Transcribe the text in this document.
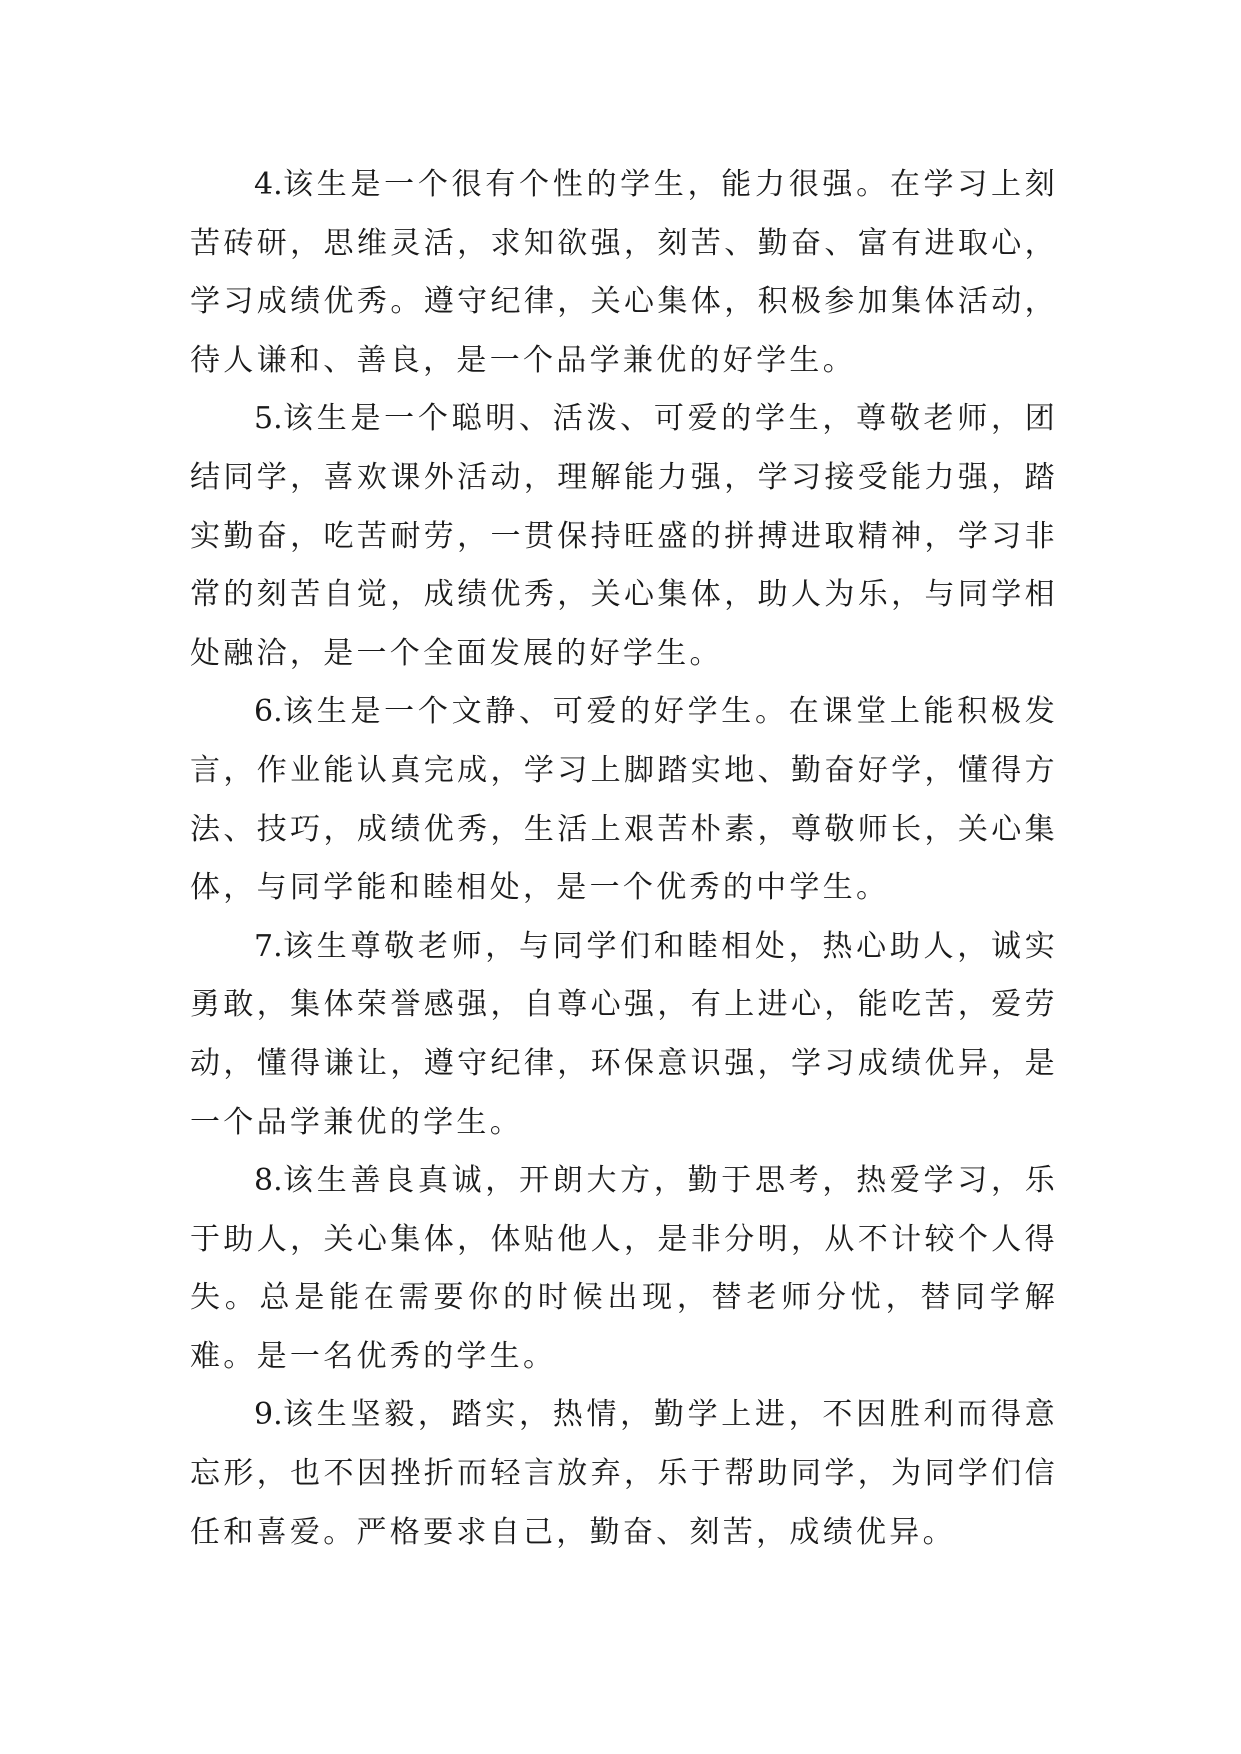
4.该生是一个很有个性的学生，能力很强。在学习上刻苦砖研，思维灵活，求知欲强，刻苦、勤奋、富有进取心，学习成绩优秀。遵守纪律，关心集体，积极参加集体活动，待人谦和、善良，是一个品学兼优的好学生。

5.该生是一个聪明、活泼、可爱的学生，尊敬老师，团结同学，喜欢课外活动，理解能力强，学习接受能力强，踏实勤奋，吃苦耐劳，一贯保持旺盛的拼搏进取精神，学习非常的刻苦自觉，成绩优秀，关心集体，助人为乐，与同学相处融洽，是一个全面发展的好学生。

6.该生是一个文静、可爱的好学生。在课堂上能积极发言，作业能认真完成，学习上脚踏实地、勤奋好学，懂得方法、技巧，成绩优秀，生活上艰苦朴素，尊敬师长，关心集体，与同学能和睦相处，是一个优秀的中学生。

7.该生尊敬老师，与同学们和睦相处，热心助人，诚实勇敢，集体荣誉感强，自尊心强，有上进心，能吃苦，爱劳动，懂得谦让，遵守纪律，环保意识强，学习成绩优异，是一个品学兼优的学生。

8.该生善良真诚，开朗大方，勤于思考，热爱学习，乐于助人，关心集体，体贴他人，是非分明，从不计较个人得失。总是能在需要你的时候出现，替老师分忧，替同学解难。是一名优秀的学生。

9.该生坚毅，踏实，热情，勤学上进，不因胜利而得意忘形，也不因挫折而轻言放弃，乐于帮助同学，为同学们信任和喜爱。严格要求自己，勤奋、刻苦，成绩优异。
